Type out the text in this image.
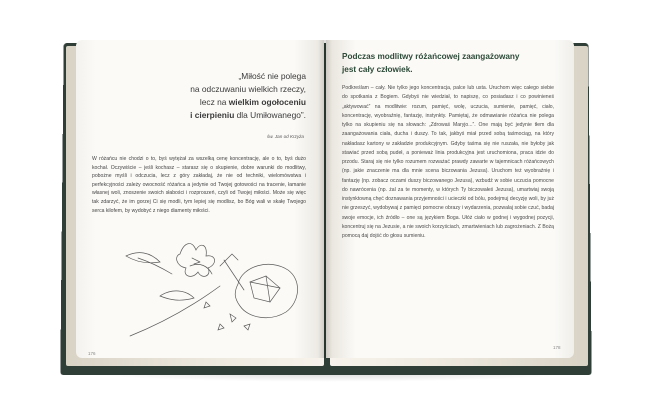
„Miłość nie polega
na odczuwaniu wielkich rzeczy,
lecz na wielkim ogołoceniu
i cierpieniu dla Umiłowanego”.
św. Jan od Krzyża

W różańcu nie chodzi o to, byś wytężał za wszelką cenę koncentrację, ale o to, byś dużo kochał. Oczywiście – jeśli kochasz – starasz się o skupienie, dobre warunki do modlitwy, pobożne myśli i odczucia, lecz z góry zakładaj, że nie od techniki, wielomówstwa i perfekcyjności zależy owocność różańca a jedynie od Twojej gotowości na tracenie, łamanie własnej woli, znoszenie swoich słabości i rozproszeń, czyli od Twojej miłości. Może się więc tak zdarzyć, że im gorzej Ci się modli, tym lepiej się modlisz, bo Bóg wali w skałę Twojego serca kilofem, by wydobyć z niego diamenty miłości.

176
Podczas modlitwy różańcowej zaangażowany
jest cały człowiek.

Podkreślam – cały. Nie tylko jego koncentracja, palce lub usta. Uruchom więc całego siebie do spotkania z Bogiem. Gdybyś nie wiedział, to napiszę, co posiadasz i co powinieneś „aktywować” na modlitwie: rozum, pamięć, wolę, uczucia, sumienie, pamięć, ciało, koncentrację, wyobraźnię, fantazję, instynkty. Pamiętaj, że odmawianie różańca nie polega tylko na skupieniu się na słowach: „Zdrowaś Maryjo...”. One mają być jedynie tłem dla zaangażowania ciała, ducha i duszy. To tak, jakbyś miał przed sobą taśmociąg, na który nakładasz kartony w zakładzie produkcyjnym. Gdyby taśma się nie ruszała, nie byłoby jak stawiać przed sobą pudeł, a ponieważ linia produkcyjna jest uruchomiona, praca idzie do przodu. Staraj się nie tylko rozumem rozważać prawdy zawarte w tajemnicach różańcowych (np. jakie znaczenie ma dla mnie scena biczowania Jezusa). Uruchom też wyobraźnię i fantazję (np. zobacz oczami duszy biczowanego Jezusa), wzbudź w sobie uczucia pomocne do nawrócenia (np. żal za te momenty, w których Ty biczowałeś Jezusa), umartwiaj swoją instynktowną chęć doznawania przyjemności i ucieczki od bólu, podejmuj decyzję woli, by już nie grzeszyć, wydobywaj z pamięci pomocne obrazy i wydarzenia, pozwalaj sobie czuć, badaj swoje emocje, ich źródło – one są językiem Boga. Ułóż ciało w godnej i wygodnej pozycji, koncentruj się na Jezusie, a nie swoich korzyściach, zmartwieniach lub zagrożeniach. Z Bożą pomocą daj dojść do głosu sumieniu.

178
